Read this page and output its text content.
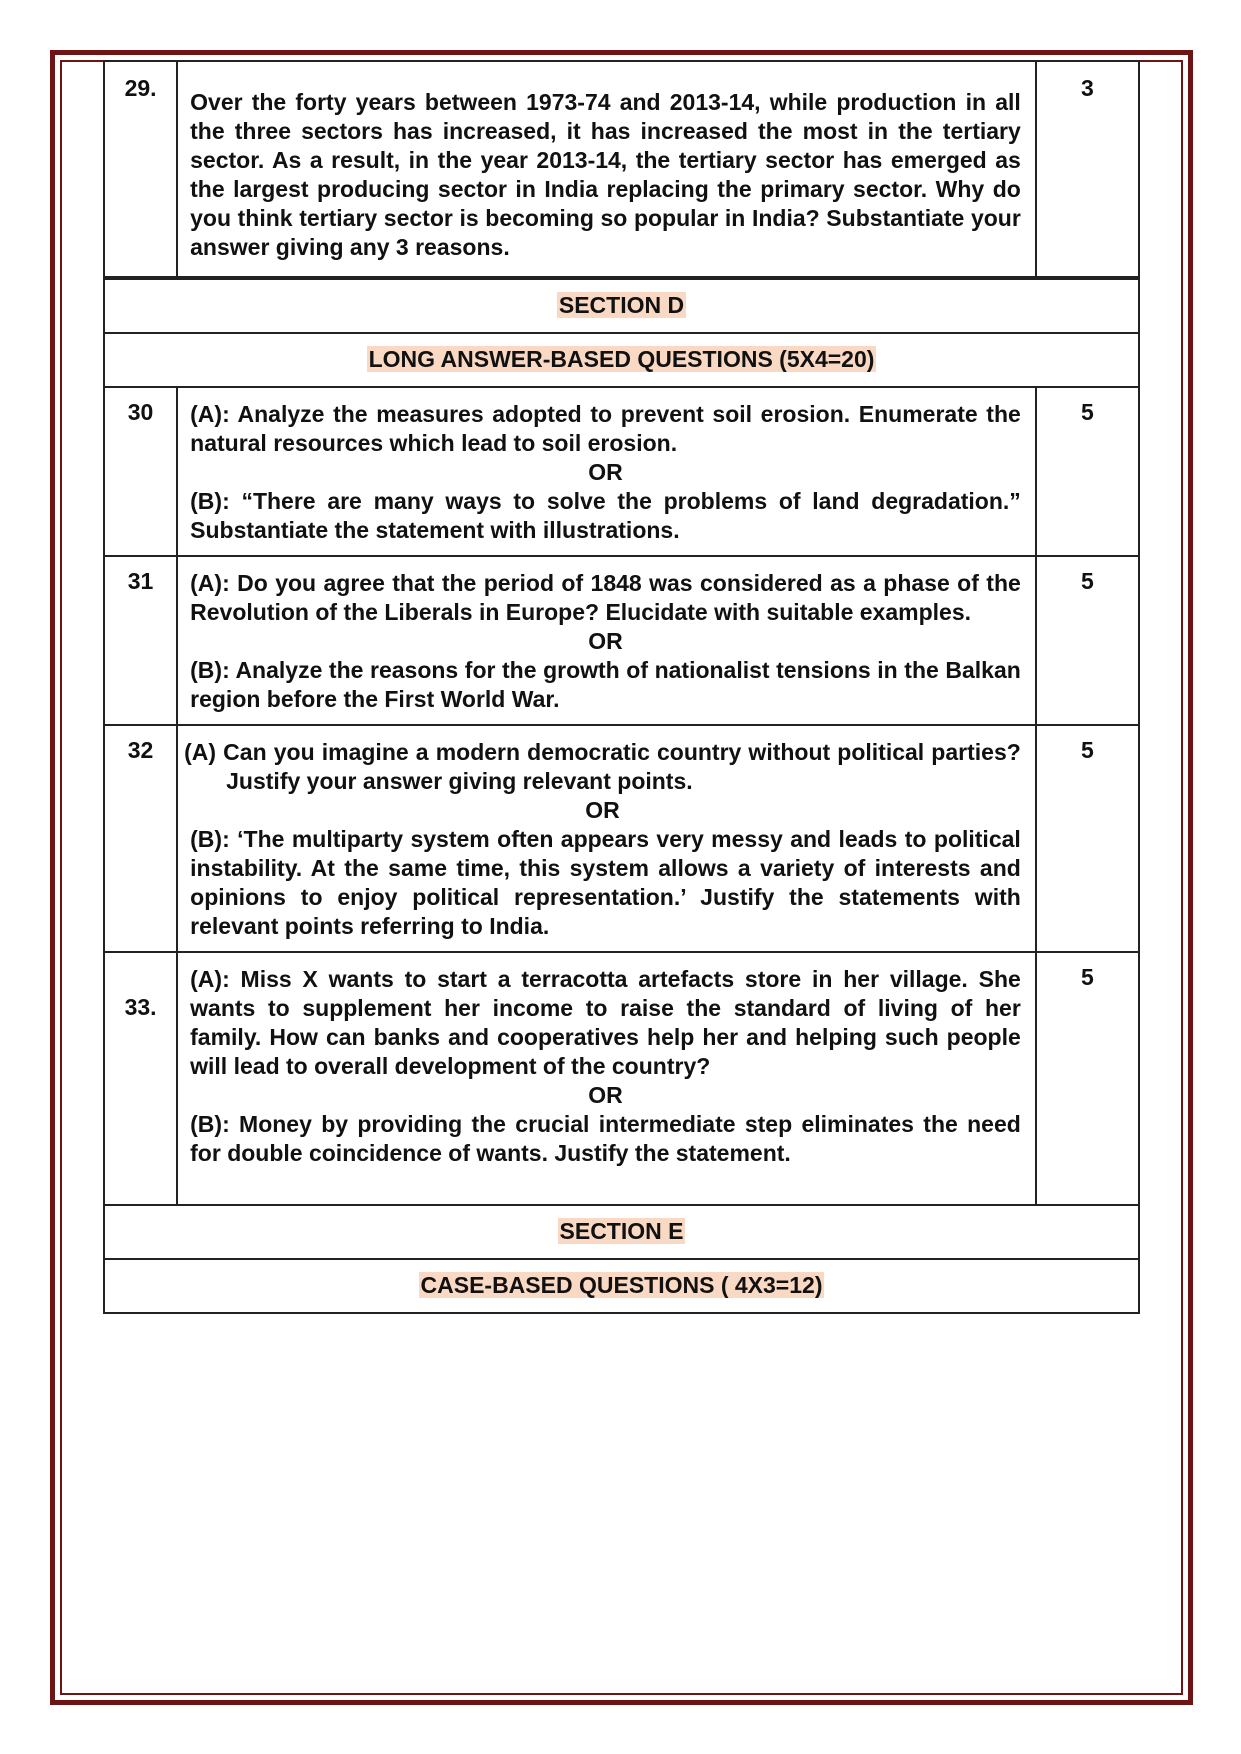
29.	Over the forty years between 1973-74 and 2013-14, while production in all the three sectors has increased, it has increased the most in the tertiary sector. As a result, in the year 2013-14, the tertiary sector has emerged as the largest producing sector in India replacing the primary sector. Why do you think tertiary sector is becoming so popular in India? Substantiate your answer giving any 3 reasons.	3
SECTION D		
LONG ANSWER-BASED QUESTIONS (5X4=20)		
30	(A): Analyze the measures adopted to prevent soil erosion. Enumerate the natural resources which lead to soil erosion.

OR

(B): “There are many ways to solve the problems of land degradation.” Substantiate the statement with illustrations.	5
31	(A): Do you agree that the period of 1848 was considered as a phase of the Revolution of the Liberals in Europe? Elucidate with suitable examples.

OR

(B): Analyze the reasons for the growth of nationalist tensions in the Balkan region before the First World War.	5
32	(A) Can you imagine a modern democratic country without political parties? Justify your answer giving relevant points.

OR

(B): ‘The multiparty system often appears very messy and leads to political instability. At the same time, this system allows a variety of interests and opinions to enjoy political representation.’ Justify the statements with relevant points referring to India.	5
33.	(A): Miss X wants to start a terracotta artefacts store in her village. She wants to supplement her income to raise the standard of living of her family. How can banks and cooperatives help her and helping such people will lead to overall development of the country?

OR

(B): Money by providing the crucial intermediate step eliminates the need for double coincidence of wants. Justify the statement.	5
SECTION E		
CASE-BASED QUESTIONS ( 4X3=12)		
